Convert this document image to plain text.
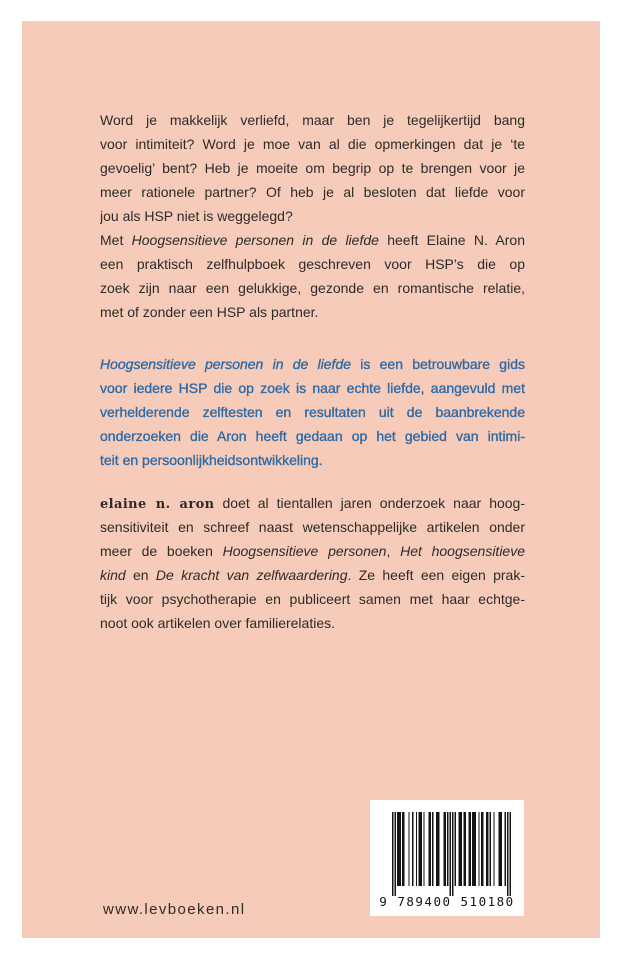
Word je makkelijk verliefd, maar ben je tegelijkertijd bang
voor intimiteit? Word je moe van al die opmerkingen dat je ‘te
gevoelig’ bent? Heb je moeite om begrip op te brengen voor je
meer rationele partner? Of heb je al besloten dat liefde voor
jou als HSP niet is weggelegd?
Met Hoogsensitieve personen in de liefde heeft Elaine N. Aron
een praktisch zelfhulpboek geschreven voor HSP’s die op
zoek zijn naar een gelukkige, gezonde en romantische relatie,
met of zonder een HSP als partner.
Hoogsensitieve personen in de liefde is een betrouwbare gids
voor iedere HSP die op zoek is naar echte liefde, aangevuld met
verhelderende zelftesten en resultaten uit de baanbrekende
onderzoeken die Aron heeft gedaan op het gebied van intimi-
teit en persoonlijkheidsontwikkeling.
elaine n. aron doet al tientallen jaren onderzoek naar hoog-
sensitiviteit en schreef naast wetenschappelijke artikelen onder
meer de boeken Hoogsensitieve personen, Het hoogsensitieve
kind en De kracht van zelfwaardering. Ze heeft een eigen prak-
tijk voor psychotherapie en publiceert samen met haar echtge-
noot ook artikelen over familierelaties.
www.levboeken.nl	9 789400 510180
